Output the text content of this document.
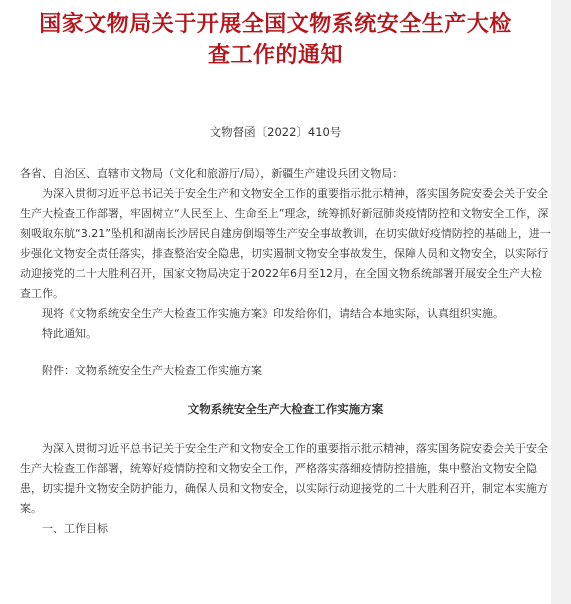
国家文物局关于开展全国文物系统安全生产大检
查工作的通知
文物督函〔2022〕410号

各省、自治区、直辖市文物局（文化和旅游厅/局），新疆生产建设兵团文物局：

为深入贯彻习近平总书记关于安全生产和文物安全工作的重要指示批示精神，落实国务院安委会关于安全生产大检查工作部署，牢固树立“人民至上、生命至上”理念，统筹抓好新冠肺炎疫情防控和文物安全工作，深刻吸取东航“3.21”坠机和湖南长沙居民自建房倒塌等生产安全事故教训，在切实做好疫情防控的基础上，进一步强化文物安全责任落实，排查整治安全隐患，切实遏制文物安全事故发生，保障人员和文物安全，以实际行动迎接党的二十大胜利召开，国家文物局决定于2022年6月至12月，在全国文物系统部署开展安全生产大检查工作。

现将《文物系统安全生产大检查工作实施方案》印发给你们，请结合本地实际，认真组织实施。

特此通知。

附件：文物系统安全生产大检查工作实施方案

文物系统安全生产大检查工作实施方案

为深入贯彻习近平总书记关于安全生产和文物安全工作的重要指示批示精神，落实国务院安委会关于安全生产大检查工作部署，统筹好疫情防控和文物安全工作，严格落实落细疫情防控措施，集中整治文物安全隐患，切实提升文物安全防护能力，确保人员和文物安全，以实际行动迎接党的二十大胜利召开，制定本实施方案。

一、工作目标
